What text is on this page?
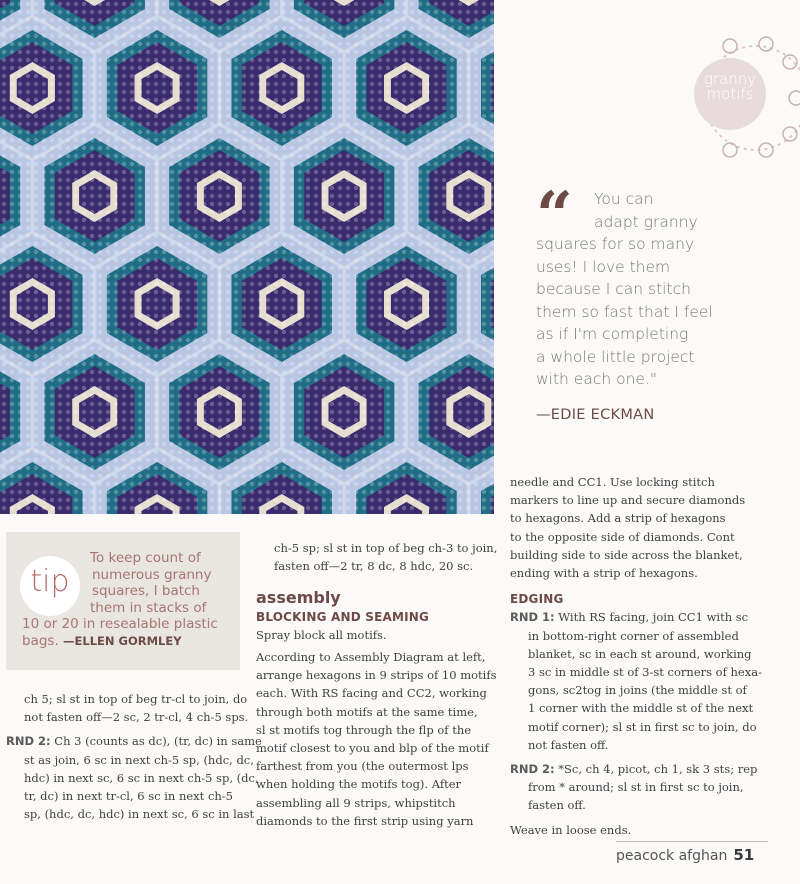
granny
motifs
“	You can
adapt granny
squares for so many
uses! I love them
because I can stitch
them so fast that I feel
as if I'm completing
a whole little project
with each one."
—EDIE ECKMAN
tip
To keep count of
numerous granny
squares, I batch
them in stacks of
10 or 20 in resealable plastic
bags. —ELLEN GORMLEY
ch 5; sl st in top of beg tr-cl to join, do
not fasten off—2 sc, 2 tr-cl, 4 ch-5 sps.
RND 2: Ch 3 (counts as dc), (tr, dc) in same
st as join, 6 sc in next ch-5 sp, (hdc, dc,
hdc) in next sc, 6 sc in next ch-5 sp, (dc,
tr, dc) in next tr-cl, 6 sc in next ch-5
sp, (hdc, dc, hdc) in next sc, 6 sc in last
ch-5 sp; sl st in top of beg ch-3 to join,
fasten off—2 tr, 8 dc, 8 hdc, 20 sc.
assembly
BLOCKING AND SEAMING
Spray block all motifs.
According to Assembly Diagram at left,
arrange hexagons in 9 strips of 10 motifs
each. With RS facing and CC2, working
through both motifs at the same time,
sl st motifs tog through the flp of the
motif closest to you and blp of the motif
farthest from you (the outermost lps
when holding the motifs tog). After
assembling all 9 strips, whipstitch
diamonds to the first strip using yarn
needle and CC1. Use locking stitch
markers to line up and secure diamonds
to hexagons. Add a strip of hexagons
to the opposite side of diamonds. Cont
building side to side across the blanket,
ending with a strip of hexagons.
EDGING
RND 1: With RS facing, join CC1 with sc
in bottom-right corner of assembled
blanket, sc in each st around, working
3 sc in middle st of 3-st corners of hexa-
gons, sc2tog in joins (the middle st of
1 corner with the middle st of the next
motif corner); sl st in first sc to join, do
not fasten off.
RND 2: *Sc, ch 4, picot, ch 1, sk 3 sts; rep
from * around; sl st in first sc to join,
fasten off.
Weave in loose ends.
peacock afghan 51
